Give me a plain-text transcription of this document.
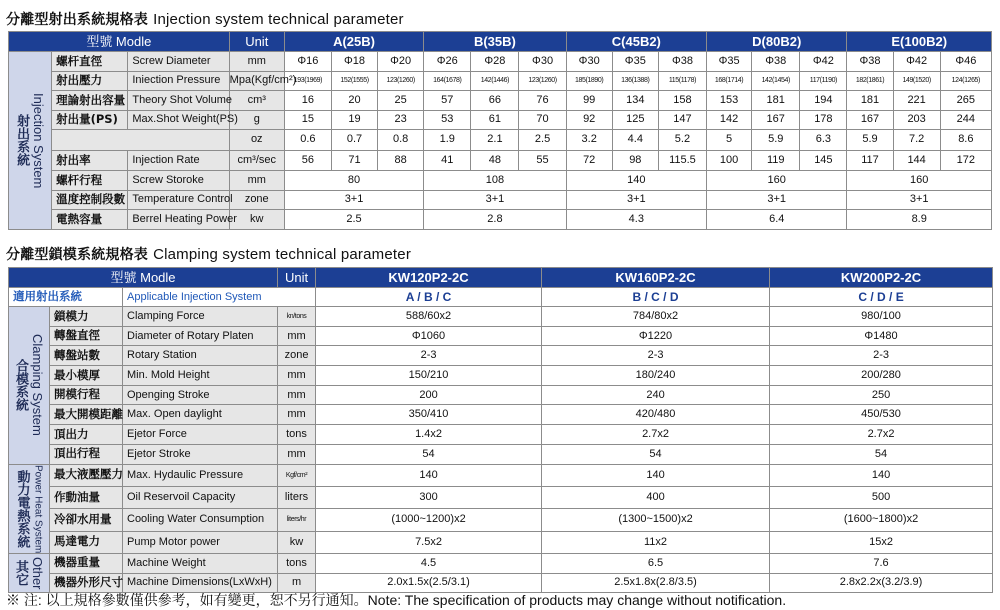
分離型射出系統規格表 Injection system technical parameter
型號 Modle			Unit	A(25B)			B(35B)			C(45B2)			D(80B2)			E(100B2)		

Injection System
射出系統	螺杆直徑	Screw Diameter	mm	Φ16	Φ18	Φ20	Φ26	Φ28	Φ30	Φ30	Φ35	Φ38	Φ35	Φ38	Φ42	Φ38	Φ42	Φ46
	射出壓力	Iniection Pressure	Mpa(Kgf/cm²)	193(1969)	152(1555)	123(1260)	164(1678)	142(1446)	123(1260)	185(1890)	136(1388)	115(1178)	168(1714)	142(1454)	117(1190)	182(1861)	149(1520)	124(1265)
	理論射出容量	Theory Shot Volume	cm³	16	20	25	57	66	76	99	134	158	153	181	194	181	221	265
	射出量(PS)	Max.Shot Weight(PS)	g	15	19	23	53	61	70	92	125	147	142	167	178	167	203	244
			oz	0.6	0.7	0.8	1.9	2.1	2.5	3.2	4.4	5.2	5	5.9	6.3	5.9	7.2	8.6
	射出率	Injection Rate	cm³/sec	56	71	88	41	48	55	72	98	115.5	100	119	145	117	144	172
	螺杆行程	Screw Storoke	mm	80			108			140			160			160		
	溫度控制段數	Temperature Control	zone	3+1			3+1			3+1			3+1			3+1		
	電熱容量	Berrel Heating Power	kw	2.5			2.8			4.3			6.4			8.9		
分離型鎖模系統規格表 Clamping system technical parameter
型號 Modle			Unit	KW120P2-2C	KW160P2-2C	KW200P2-2C
適用射出系統		Applicable Injection System		A / B / C	B / C / D	C / D / E

Clamping System
合模系統	鎖模力	Clamping Force	kn/tons	588/60x2	784/80x2	980/100
	轉盤直徑	Diameter of Rotary Platen	mm	Φ1060	Φ1220	Φ1480
	轉盤站數	Rotary Station	zone	2-3	2-3	2-3
	最小模厚	Min. Mold Height	mm	150/210	180/240	200/280
	開模行程	Openging Stroke	mm	200	240	250
	最大開模距離	Max. Open daylight	mm	350/410	420/480	450/530
	頂出力	Ejetor Force	tons	1.4x2	2.7x2	2.7x2
	頂出行程	Ejetor Stroke	mm	54	54	54

Power Heat System
動力電熱系統	最大液壓壓力	Max. Hydaulic Pressure	Kgf/cm²	140	140	140
	作動油量	Oil Reservoil Capacity	liters	300	400	500
	冷卻水用量	Cooling Water Consumption	liters/hr	(1000~1200)x2	(1300~1500)x2	(1600~1800)x2
	馬達電力	Pump Motor power	kw	7.5x2	11x2	15x2

Other
其它	機器重量	Machine Weight	tons	4.5	6.5	7.6
	機器外形尺寸	Machine Dimensions(LxWxH)	m	2.0x1.5x(2.5/3.1)	2.5x1.8x(2.8/3.5)	2.8x2.2x(3.2/3.9)
※ 注: 以上規格參數僅供參考，如有變更，恕不另行通知。Note: The specification of products may change without notification.
